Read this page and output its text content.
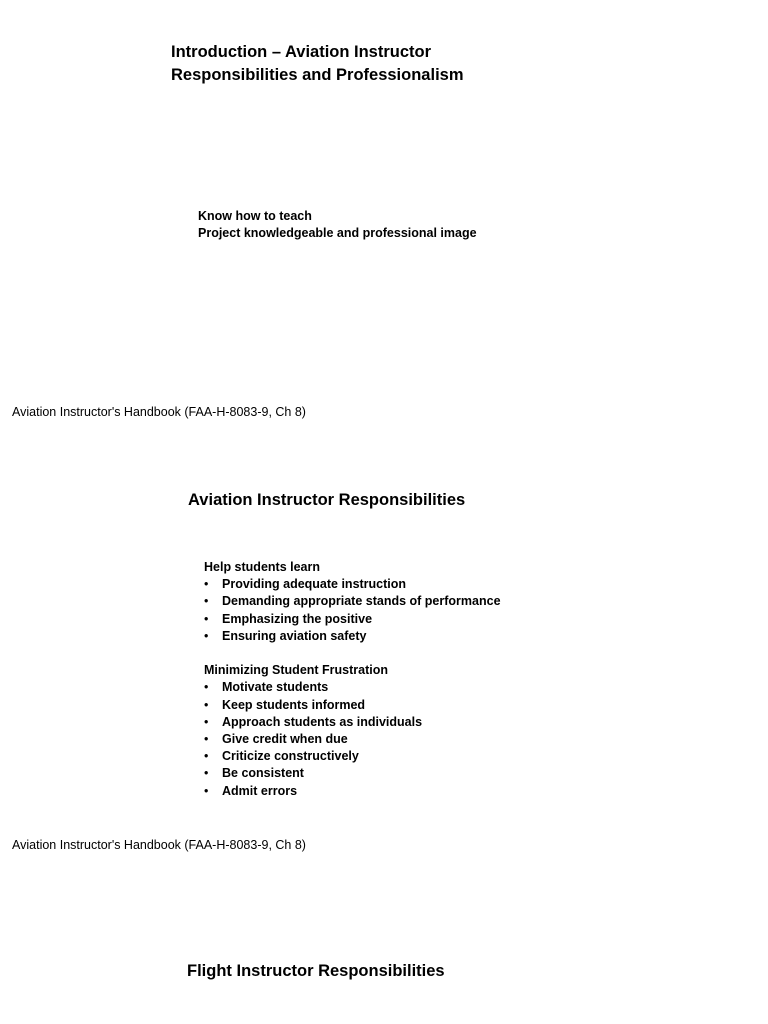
Introduction – Aviation Instructor
Responsibilities and Professionalism

Know how to teach

Project knowledgeable and professional image

Aviation Instructor's Handbook (FAA-H-8083-9, Ch 8)
Aviation Instructor Responsibilities

Help students learn

• Providing adequate instruction
• Demanding appropriate stands of performance
• Emphasizing the positive
• Ensuring aviation safety

Minimizing Student Frustration

• Motivate students
• Keep students informed
• Approach students as individuals
• Give credit when due
• Criticize constructively
• Be consistent
• Admit errors
Aviation Instructor's Handbook (FAA-H-8083-9, Ch 8)
Flight Instructor Responsibilities
